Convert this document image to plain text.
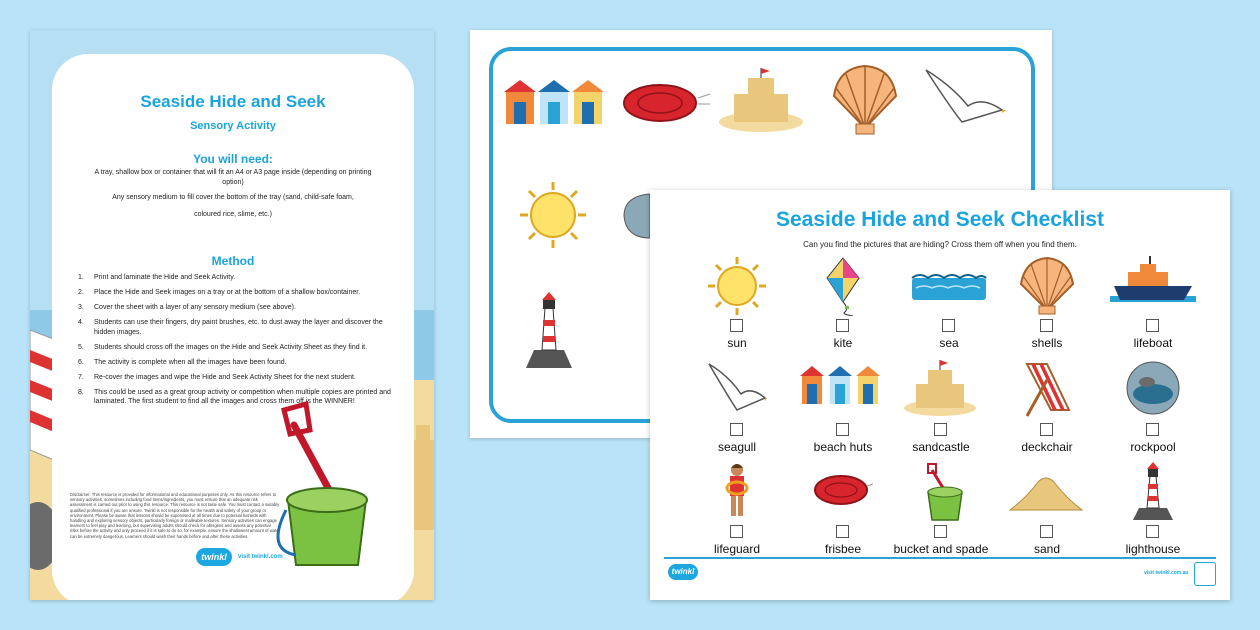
Seaside Hide and Seek
Sensory Activity
You will need:
A tray, shallow box or container that will fit an A4 or A3 page inside (depending on printing
option)
Any sensory medium to fill cover the bottom of the tray (sand, child-safe foam,
coloured rice, slime, etc.)
Method
1. Print and laminate the Hide and Seek Activity.
2. Place the Hide and Seek images on a tray or at the bottom of a shallow box/container.
3. Cover the sheet with a layer of any sensory medium (see above).
4. Students can use their fingers, dry paint brushes, etc. to dust away the layer and discover the hidden images.
5. Students should cross off the images on the Hide and Seek Activity Sheet as they find it.
6. The activity is complete when all the images have been found.
7. Re-cover the images and wipe the Hide and Seek Activity Sheet for the next student.
8. This could be used as a great group activity or competition when multiple copies are printed and laminated. The first student to find all the images and cross them off is the WINNER!
Disclaimer: This resource is provided for informational and educational purposes only. As this resource refers to sensory activities, sometimes including food items/ingredients, you must ensure that an adequate risk assessment is carried out prior to using this resource. This resource is not taste safe. You must contact a suitably qualified professional if you are unsure. Twinkl is not responsible for the health and safety of your group or environment. Please be aware that lessons should be supervised at all times due to potential hazards with handling and exploring sensory objects, particularly foreign or malleable textures. Sensory activities can engage learners to feel play and learning, but supervising adults should check for allergens and assess any potential risks before the activity and only proceed if it is safe to do so, for example, ensure the shallowest amount of water can be extremely dangerous. Learners should wash their hands before and after these activities.
twinkl	visit twinkl.com
Seaside Hide and Seek Checklist
Can you find the pictures that are hiding? Cross them off when you find them.
sun	kite	sea	shells	lifeboat
seagull	beach huts	sandcastle	deckchair	rockpool
lifeguard	frisbee	bucket and spade	sand	lighthouse
twinkl	visit twinkl.com.au
